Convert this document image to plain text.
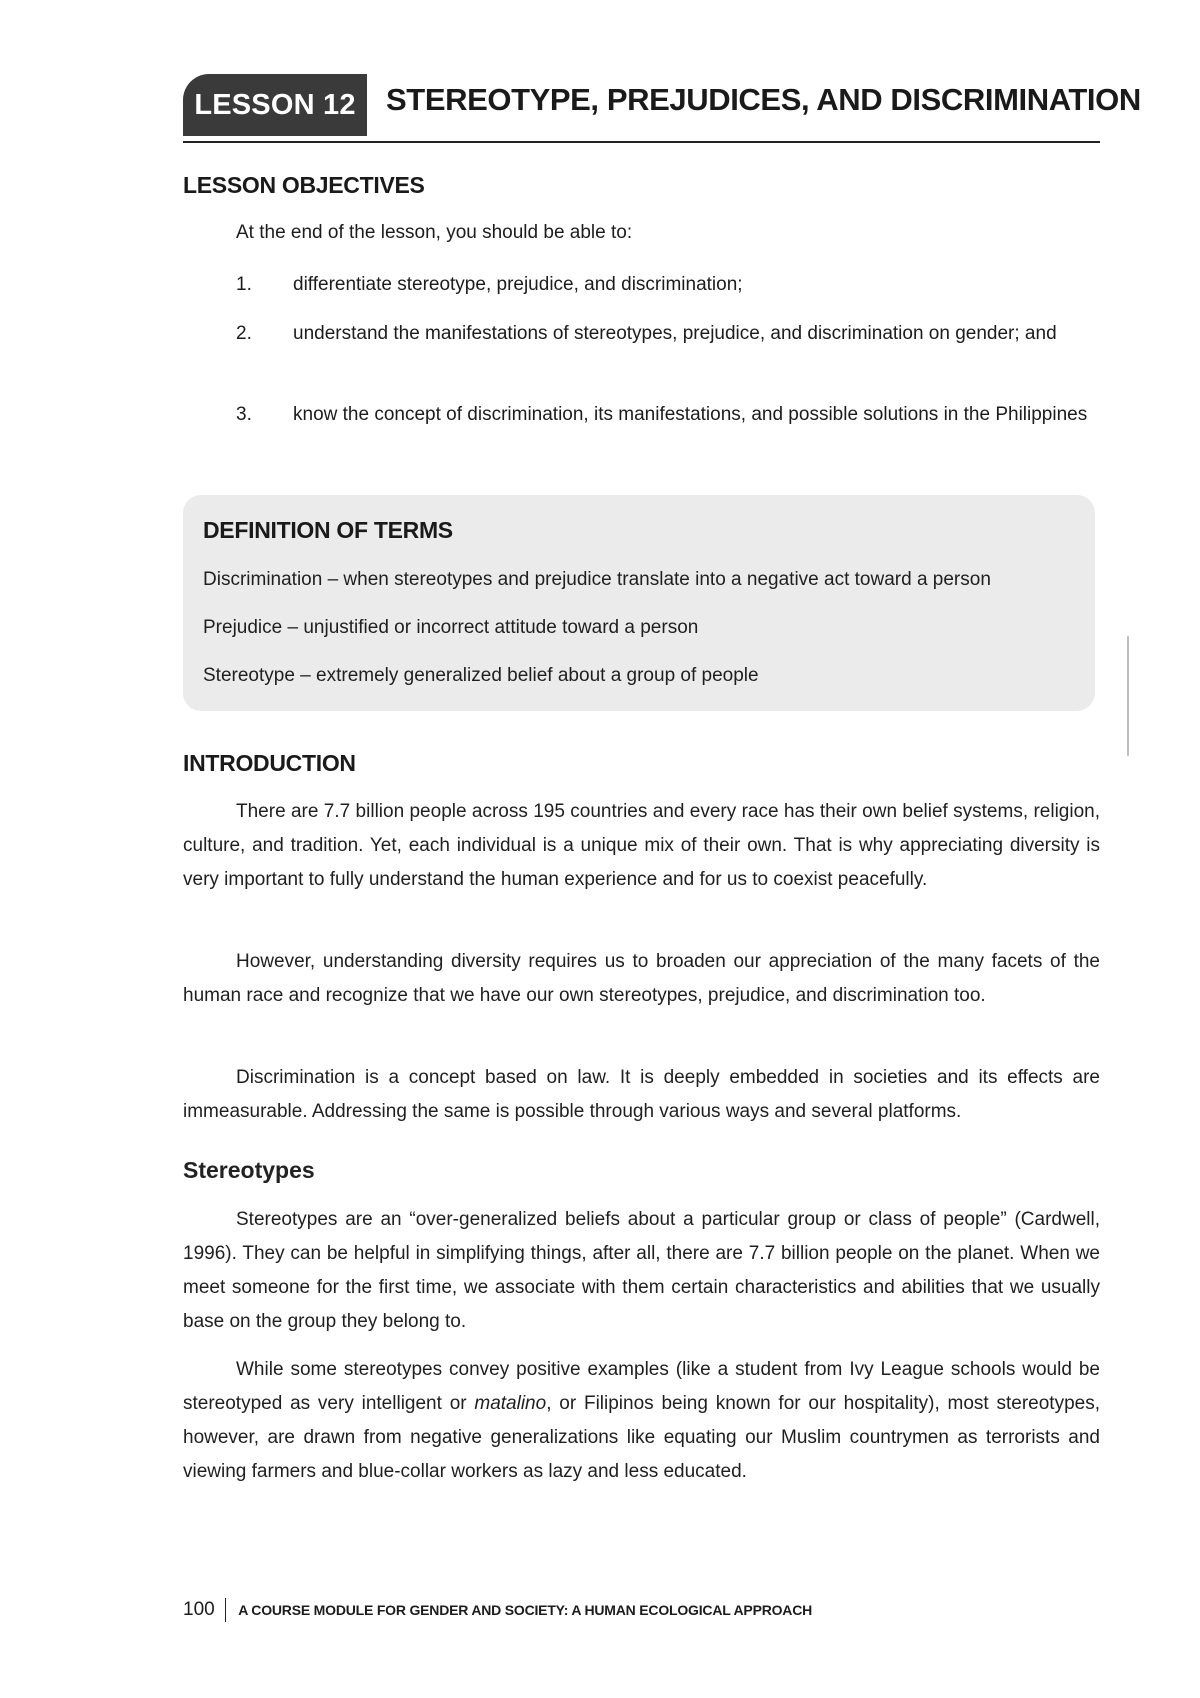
LESSON 12 STEREOTYPE, PREJUDICES, AND DISCRIMINATION
LESSON OBJECTIVES
At the end of the lesson, you should be able to:
1.	differentiate stereotype, prejudice, and discrimination;
2.	understand the manifestations of stereotypes, prejudice, and discrimination on gender; and
3.	know the concept of discrimination, its manifestations, and possible solutions in the Philippines
DEFINITION OF TERMS
Discrimination – when stereotypes and prejudice translate into a negative act toward a person
Prejudice – unjustified or incorrect attitude toward a person
Stereotype – extremely generalized belief about a group of people
INTRODUCTION

There are 7.7 billion people across 195 countries and every race has their own belief systems, religion, culture, and tradition. Yet, each individual is a unique mix of their own. That is why appreciating diversity is very important to fully understand the human experience and for us to coexist peacefully.

However, understanding diversity requires us to broaden our appreciation of the many facets of the human race and recognize that we have our own stereotypes, prejudice, and discrimination too.

Discrimination is a concept based on law. It is deeply embedded in societies and its effects are immeasurable. Addressing the same is possible through various ways and several platforms.

Stereotypes

Stereotypes are an “over-generalized beliefs about a particular group or class of people” (Cardwell, 1996). They can be helpful in simplifying things, after all, there are 7.7 billion people on the planet. When we meet someone for the first time, we associate with them certain characteristics and abilities that we usually base on the group they belong to.

While some stereotypes convey positive examples (like a student from Ivy League schools would be stereotyped as very intelligent or matalino, or Filipinos being known for our hospitality), most stereotypes, however, are drawn from negative generalizations like equating our Muslim countrymen as terrorists and viewing farmers and blue-collar workers as lazy and less educated.

100 A COURSE MODULE FOR GENDER AND SOCIETY: A HUMAN ECOLOGICAL APPROACH
